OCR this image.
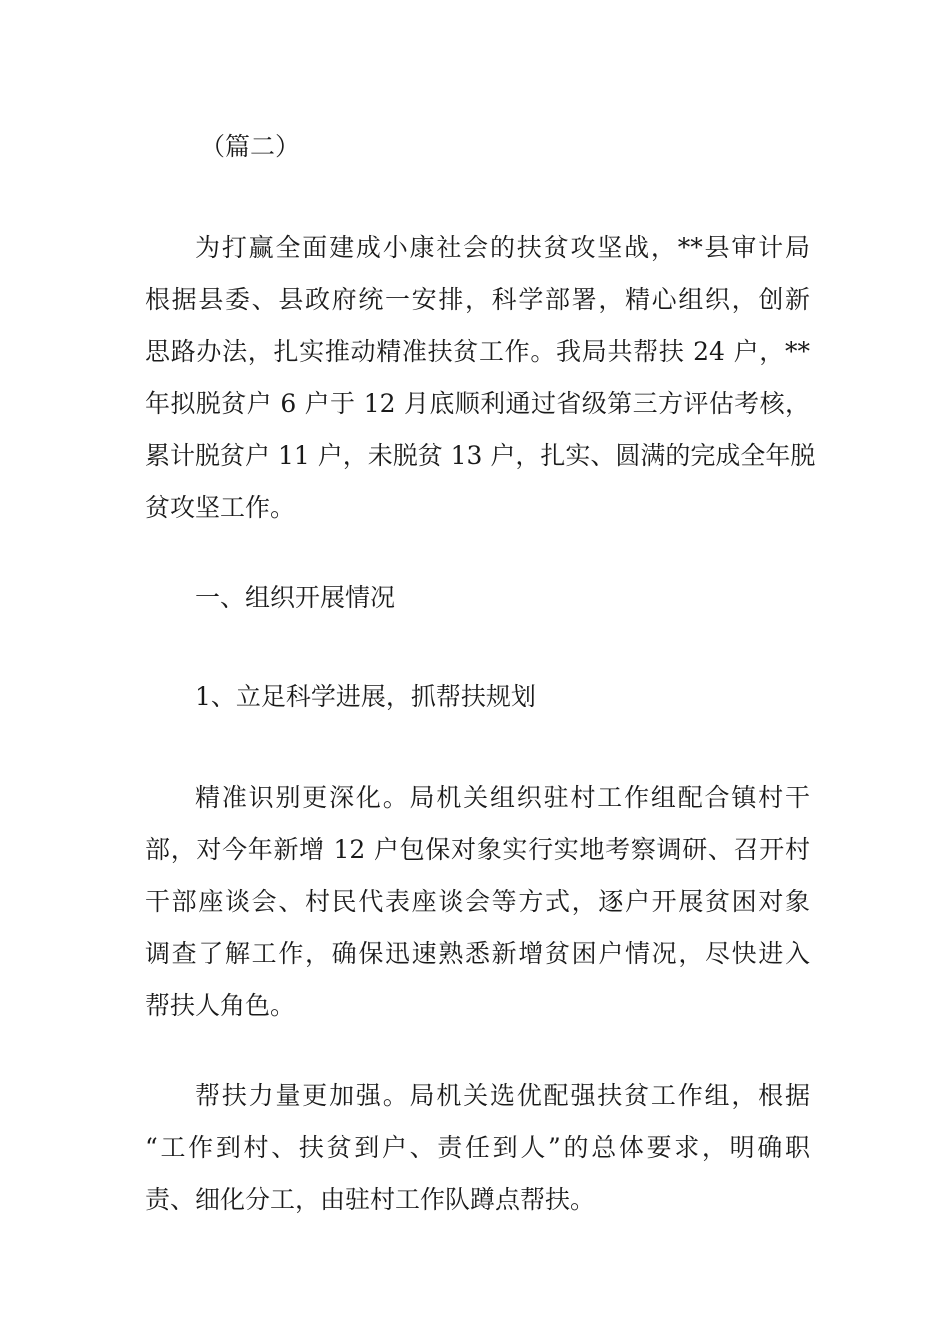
（篇二）

为打赢全面建成小康社会的扶贫攻坚战，**县审计局
根据县委、县政府统一安排，科学部署，精心组织，创新
思路办法，扎实推动精准扶贫工作。我局共帮扶 24 户，**
年拟脱贫户 6 户于 12 月底顺利通过省级第三方评估考核，
累计脱贫户 11 户，未脱贫 13 户，扎实、圆满的完成全年脱
贫攻坚工作。

一、组织开展情况

1、立足科学进展，抓帮扶规划

精准识别更深化。局机关组织驻村工作组配合镇村干
部，对今年新增 12 户包保对象实行实地考察调研、召开村
干部座谈会、村民代表座谈会等方式，逐户开展贫困对象
调查了解工作，确保迅速熟悉新增贫困户情况，尽快进入
帮扶人角色。
帮扶力量更加强。局机关选优配强扶贫工作组，根据
“工作到村、扶贫到户、责任到人”的总体要求，明确职
责、细化分工，由驻村工作队蹲点帮扶。
